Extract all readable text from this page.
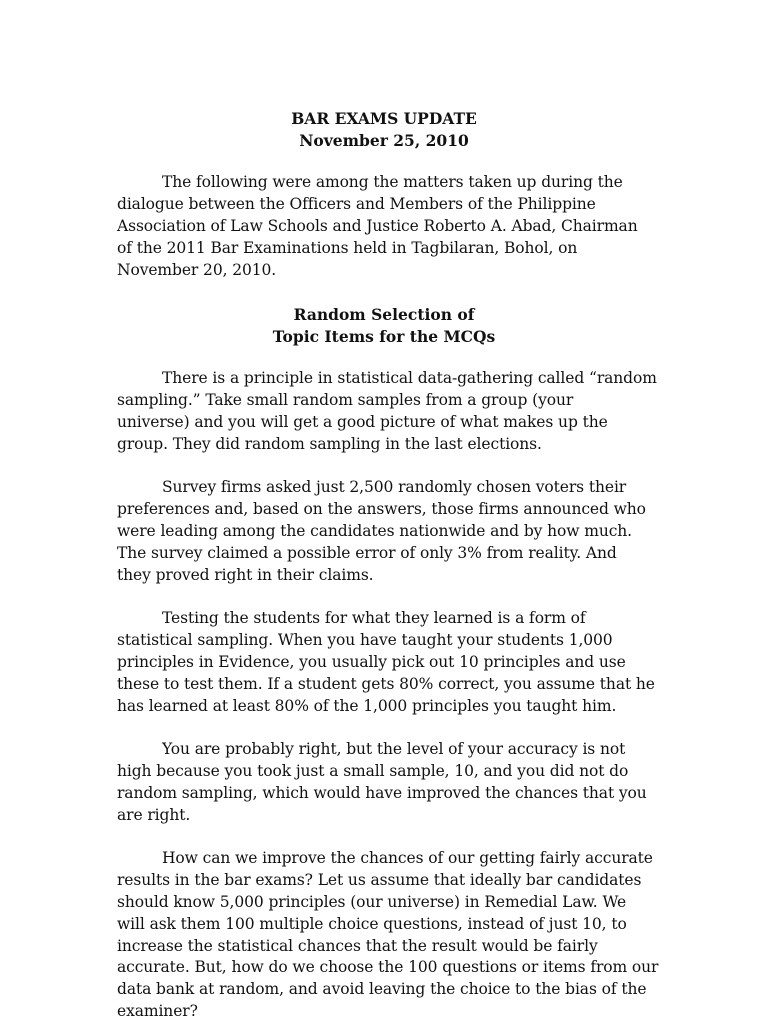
BAR EXAMS UPDATE
November 25, 2010
The following were among the matters taken up during the
dialogue between the Officers and Members of the Philippine
Association of Law Schools and Justice Roberto A. Abad, Chairman
of the 2011 Bar Examinations held in Tagbilaran, Bohol, on
November 20, 2010.
Random Selection of
Topic Items for the MCQs
There is a principle in statistical data-gathering called “random
sampling.” Take small random samples from a group (your
universe) and you will get a good picture of what makes up the
group. They did random sampling in the last elections.
Survey firms asked just 2,500 randomly chosen voters their
preferences and, based on the answers, those firms announced who
were leading among the candidates nationwide and by how much.
The survey claimed a possible error of only 3% from reality. And
they proved right in their claims.
Testing the students for what they learned is a form of
statistical sampling. When you have taught your students 1,000
principles in Evidence, you usually pick out 10 principles and use
these to test them. If a student gets 80% correct, you assume that he
has learned at least 80% of the 1,000 principles you taught him.
You are probably right, but the level of your accuracy is not
high because you took just a small sample, 10, and you did not do
random sampling, which would have improved the chances that you
are right.
How can we improve the chances of our getting fairly accurate
results in the bar exams? Let us assume that ideally bar candidates
should know 5,000 principles (our universe) in Remedial Law. We
will ask them 100 multiple choice questions, instead of just 10, to
increase the statistical chances that the result would be fairly
accurate. But, how do we choose the 100 questions or items from our
data bank at random, and avoid leaving the choice to the bias of the
examiner?
